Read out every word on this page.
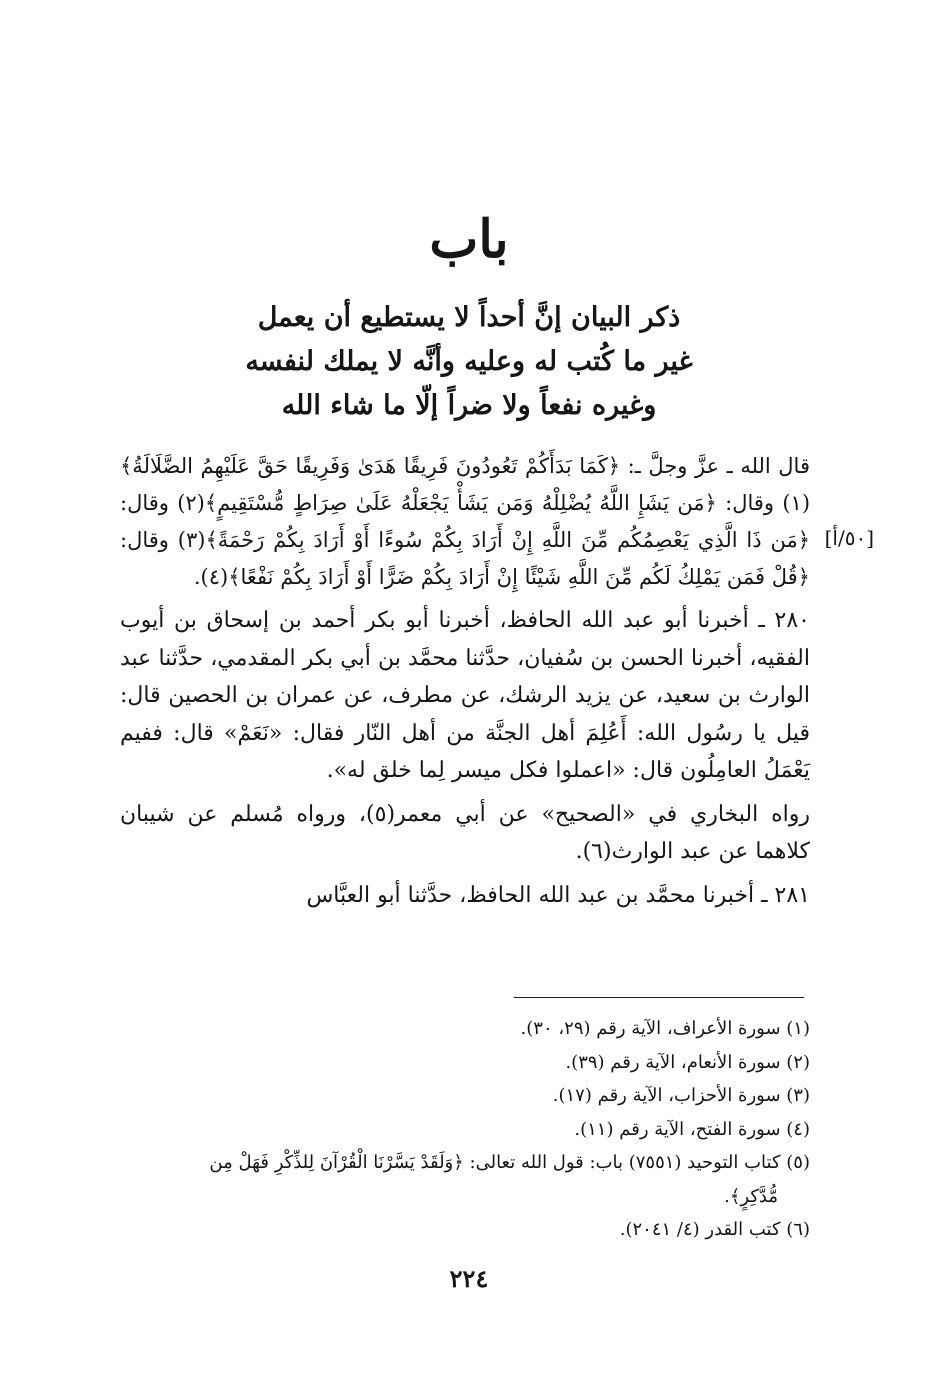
باب
ذكر البيان إنَّ أحداً لا يستطيع أن يعمل
غير ما كُتب له وعليه وأنَّه لا يملك لنفسه
وغيره نفعاً ولا ضراً إلّا ما شاء الله
[٥٠/أ]

قال الله ـ عزَّ وجلَّ ـ: ﴿كَمَا بَدَأَكُمْ تَعُودُونَ فَرِيقًا هَدَىٰ وَفَرِيقًا حَقَّ عَلَيْهِمُ الضَّلَالَةُ﴾(١) وقال: ﴿مَن يَشَإِ اللَّهُ يُضْلِلْهُ وَمَن يَشَأْ يَجْعَلْهُ عَلَىٰ صِرَاطٍ مُّسْتَقِيمٍ﴾(٢) وقال: ﴿مَن ذَا الَّذِي يَعْصِمُكُم مِّنَ اللَّهِ إِنْ أَرَادَ بِكُمْ سُوءًا أَوْ أَرَادَ بِكُمْ رَحْمَةً﴾(٣) وقال: ﴿قُلْ فَمَن يَمْلِكُ لَكُم مِّنَ اللَّهِ شَيْئًا إِنْ أَرَادَ بِكُمْ ضَرًّا أَوْ أَرَادَ بِكُمْ نَفْعًا﴾(٤).

٢٨٠ ـ أخبرنا أبو عبد الله الحافظ، أخبرنا أبو بكر أحمد بن إسحاق بن أيوب الفقيه، أخبرنا الحسن بن سُفيان، حدَّثنا محمَّد بن أبي بكر المقدمي، حدَّثنا عبد الوارث بن سعيد، عن يزيد الرشك، عن مطرف، عن عمران بن الحصين قال: قيل يا رسُول الله: أَعُلِمَ أهل الجنَّة من أهل النّار فقال: «نَعَمْ» قال: ففيم يَعْمَلُ العامِلُون قال: «اعملوا فكل ميسر لِما خلق له».

رواه البخاري في «الصحيح» عن أبي معمر(٥)، ورواه مُسلم عن شيبان كلاهما عن عبد الوارث(٦).

٢٨١ ـ أخبرنا محمَّد بن عبد الله الحافظ، حدَّثنا أبو العبَّاس

(١) سورة الأعراف، الآية رقم (٢٩، ٣٠).

(٢) سورة الأنعام، الآية رقم (٣٩).

(٣) سورة الأحزاب، الآية رقم (١٧).

(٤) سورة الفتح، الآية رقم (١١).

(٥) كتاب التوحيد (٧٥٥١) باب: قول الله تعالى: ﴿وَلَقَدْ يَسَّرْنَا الْقُرْآنَ لِلذِّكْرِ فَهَلْ مِن

مُّدَّكِرٍ﴾.

(٦) كتب القدر (٤/ ٢٠٤١).

٢٢٤
